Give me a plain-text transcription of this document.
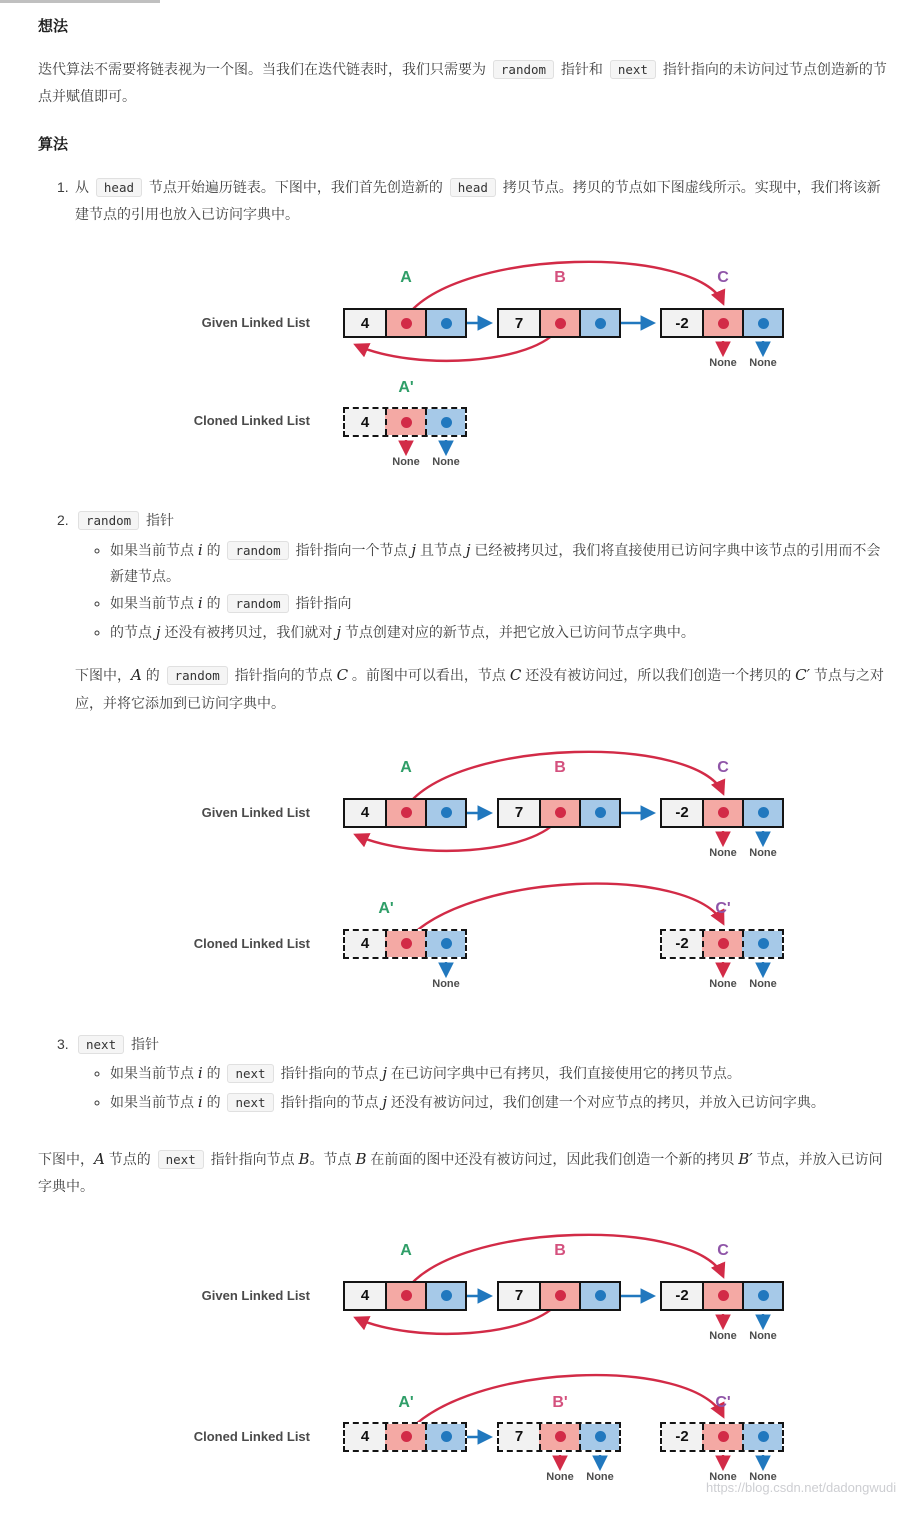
想法

迭代算法不需要将链表视为一个图。当我们在迭代链表时，我们只需要为 random 指针和 next 指针指向的未访问过节点创造新的节点并赋值即可。

算法
1. 从 head 节点开始遍历链表。下图中，我们首先创造新的 head 拷贝节点。拷贝的节点如下图虚线所示。实现中，我们将该新建节点的引用也放入已访问字典中。
Given Linked List
Cloned Linked List
A	B	C
A'
4	7	-2
4
None	None
None	None
2.	random 指针
◦ 如果当前节点 i 的 random 指针指向一个节点 j 且节点 j 已经被拷贝过，我们将直接使用已访问字典中该节点的引用而不会新建节点。
◦ 如果当前节点 i 的 random 指针指向
◦ 的节点 j 还没有被拷贝过，我们就对 j 节点创建对应的新节点，并把它放入已访问节点字典中。

下图中，A 的 random 指针指向的节点 C 。前图中可以看出，节点 C 还没有被访问过，所以我们创造一个拷贝的 C′ 节点与之对应，并将它添加到已访问字典中。

Given Linked List
Cloned Linked List
A	B	C
A'	C'
4	7	-2
4	-2
None	None
None	None	None
3.	next 指针
◦ 如果当前节点 i 的 next 指针指向的节点 j 在已访问字典中已有拷贝，我们直接使用它的拷贝节点。
◦ 如果当前节点 i 的 next 指针指向的节点 j 还没有被访问过，我们创建一个对应节点的拷贝，并放入已访问字典。

下图中，A 节点的 next 指针指向节点 B。节点 B 在前面的图中还没有被访问过，因此我们创造一个新的拷贝 B′ 节点，并放入已访问字典中。

Given Linked List
Cloned Linked List
A	B	C
A'	B'	C'
4	7	-2
4	7	-2
None	None
None	None	None	None
https://blog.csdn.net/dadongwudi
